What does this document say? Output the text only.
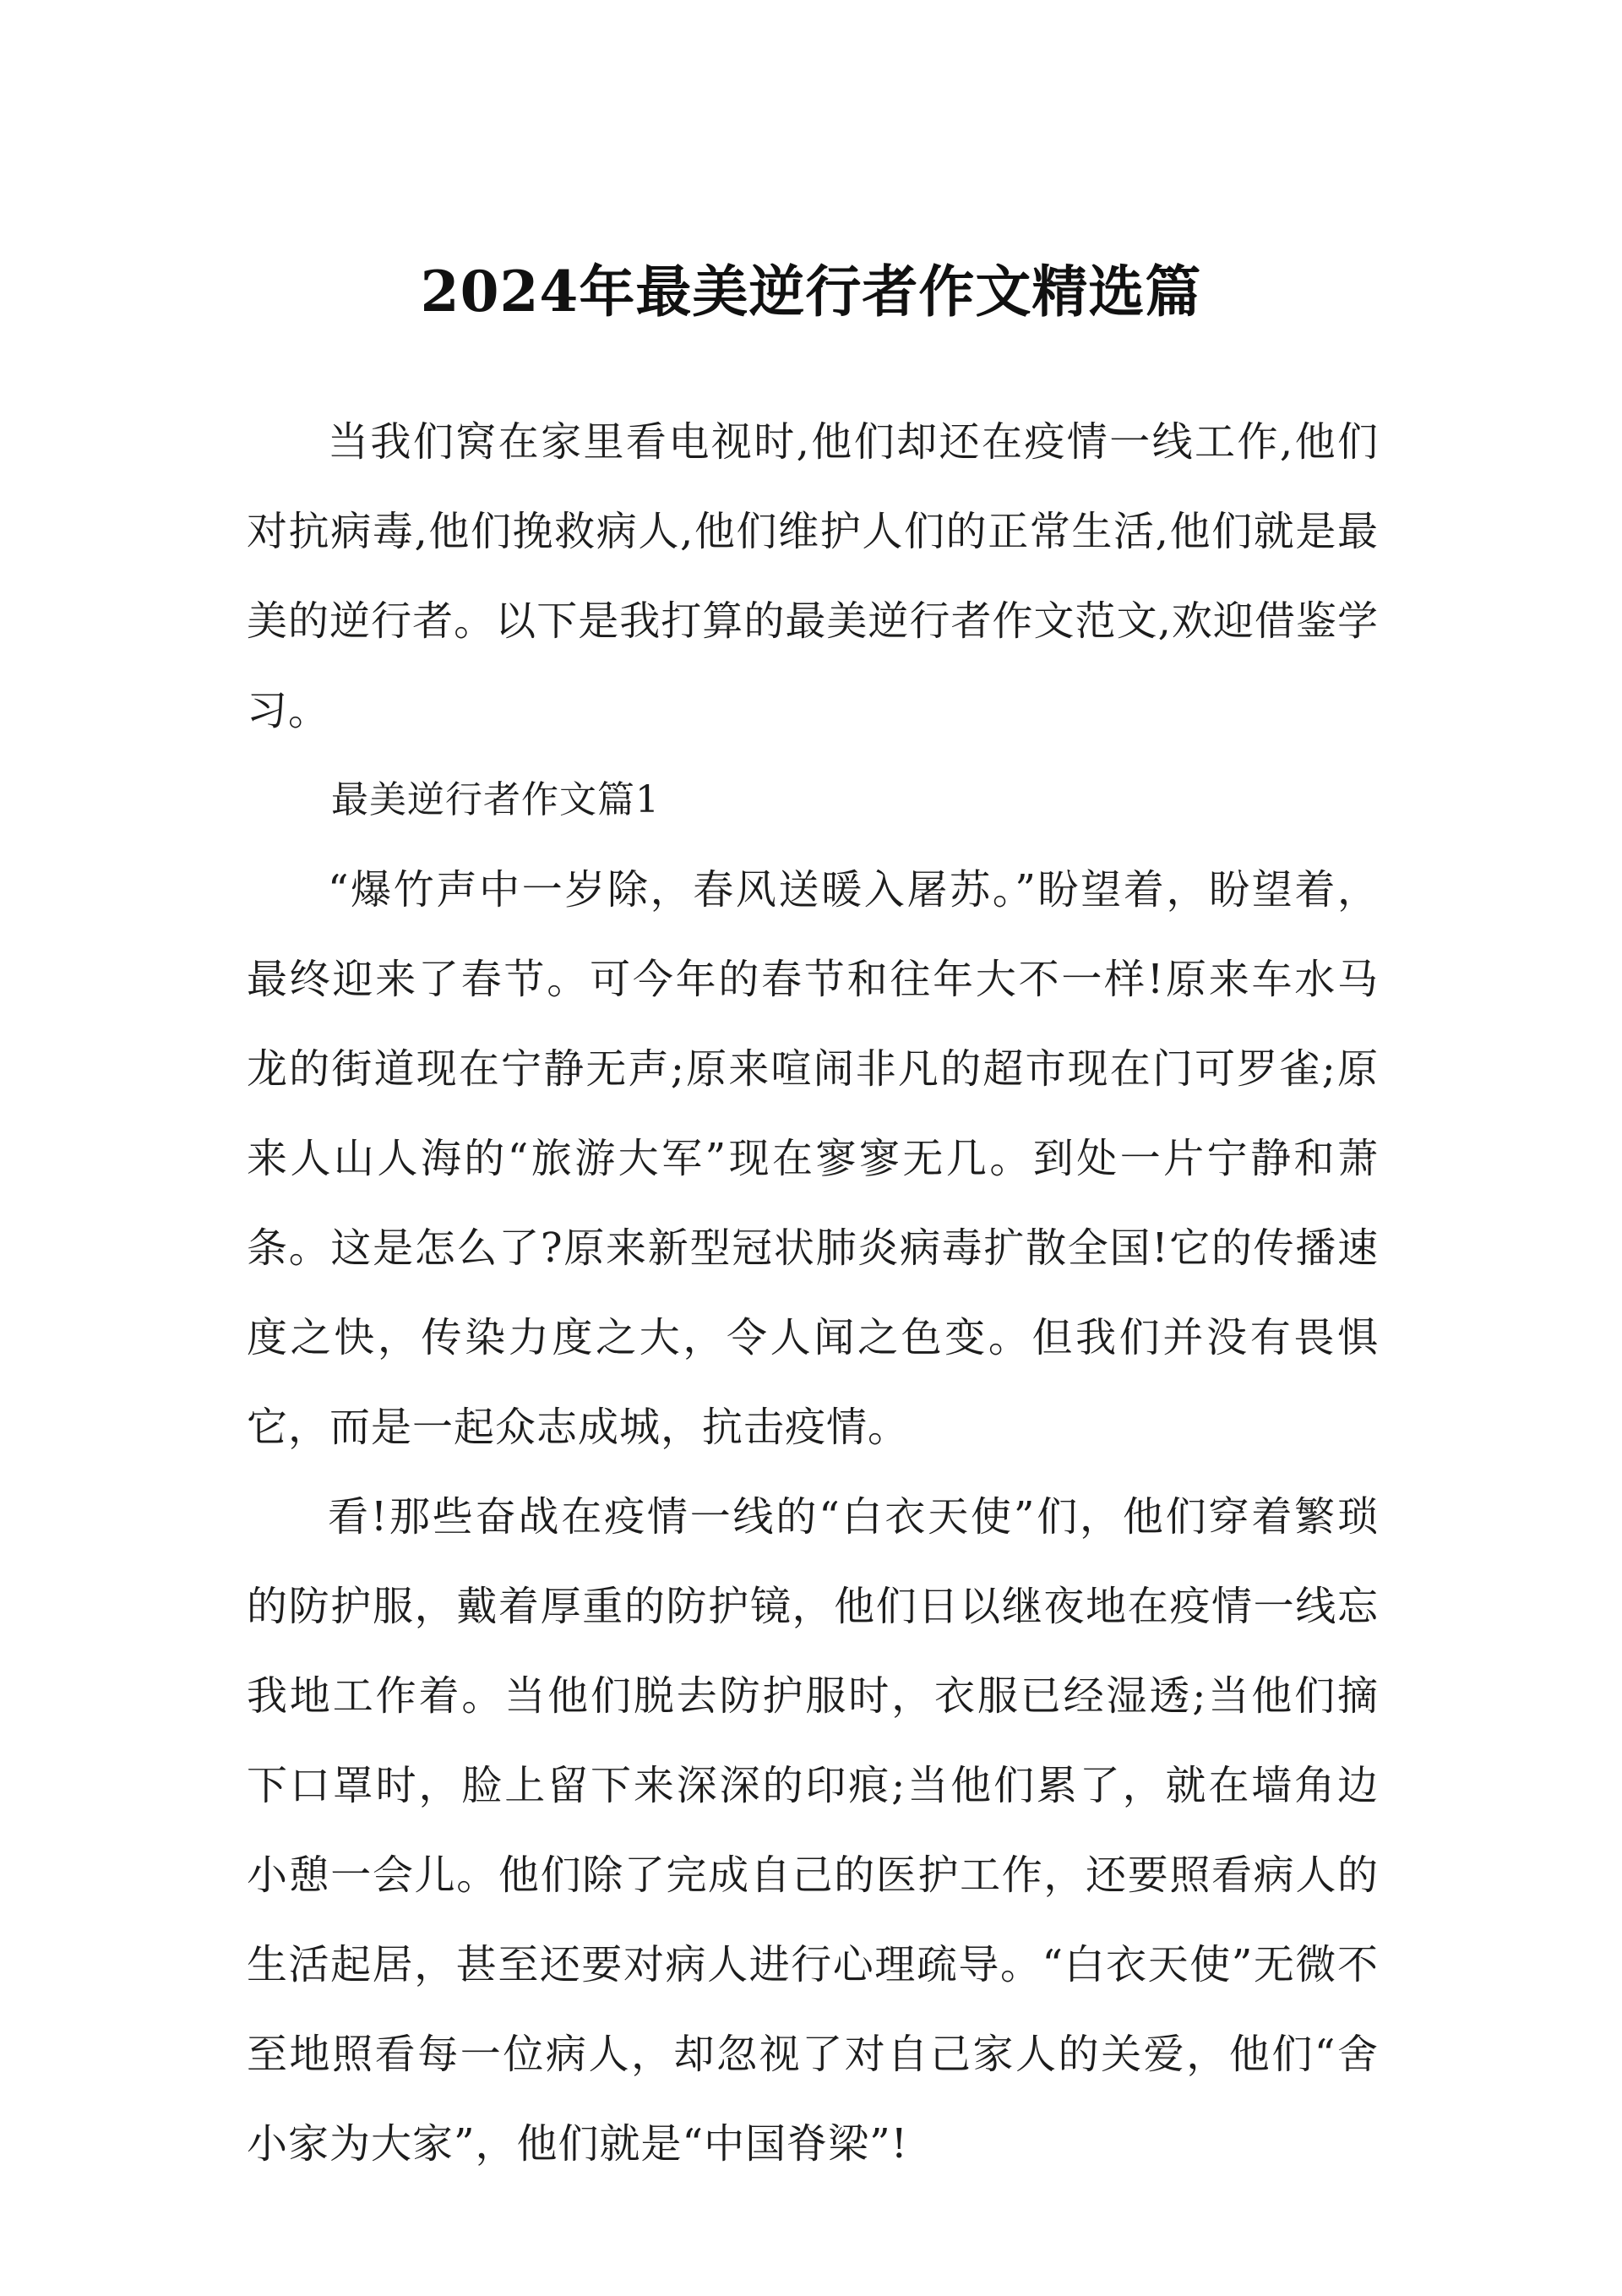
2024年最美逆行者作文精选篇

当我们窝在家里看电视时,他们却还在疫情一线工作,他们对抗病毒,他们挽救病人,他们维护人们的正常生活,他们就是最美的逆行者。以下是我打算的最美逆行者作文范文,欢迎借鉴学习。

最美逆行者作文篇1

“爆竹声中一岁除，春风送暖入屠苏。”盼望着，盼望着，最终迎来了春节。可今年的春节和往年大不一样!原来车水马龙的街道现在宁静无声;原来喧闹非凡的超市现在门可罗雀;原来人山人海的“旅游大军”现在寥寥无几。到处一片宁静和萧条。这是怎么了?原来新型冠状肺炎病毒扩散全国!它的传播速度之快，传染力度之大，令人闻之色变。但我们并没有畏惧它，而是一起众志成城，抗击疫情。

看!那些奋战在疫情一线的“白衣天使”们，他们穿着繁琐的防护服，戴着厚重的防护镜，他们日以继夜地在疫情一线忘我地工作着。当他们脱去防护服时，衣服已经湿透;当他们摘下口罩时，脸上留下来深深的印痕;当他们累了，就在墙角边小憩一会儿。他们除了完成自己的医护工作，还要照看病人的生活起居，甚至还要对病人进行心理疏导。“白衣天使”无微不至地照看每一位病人，却忽视了对自己家人的关爱，他们“舍小家为大家”，他们就是“中国脊梁”!
